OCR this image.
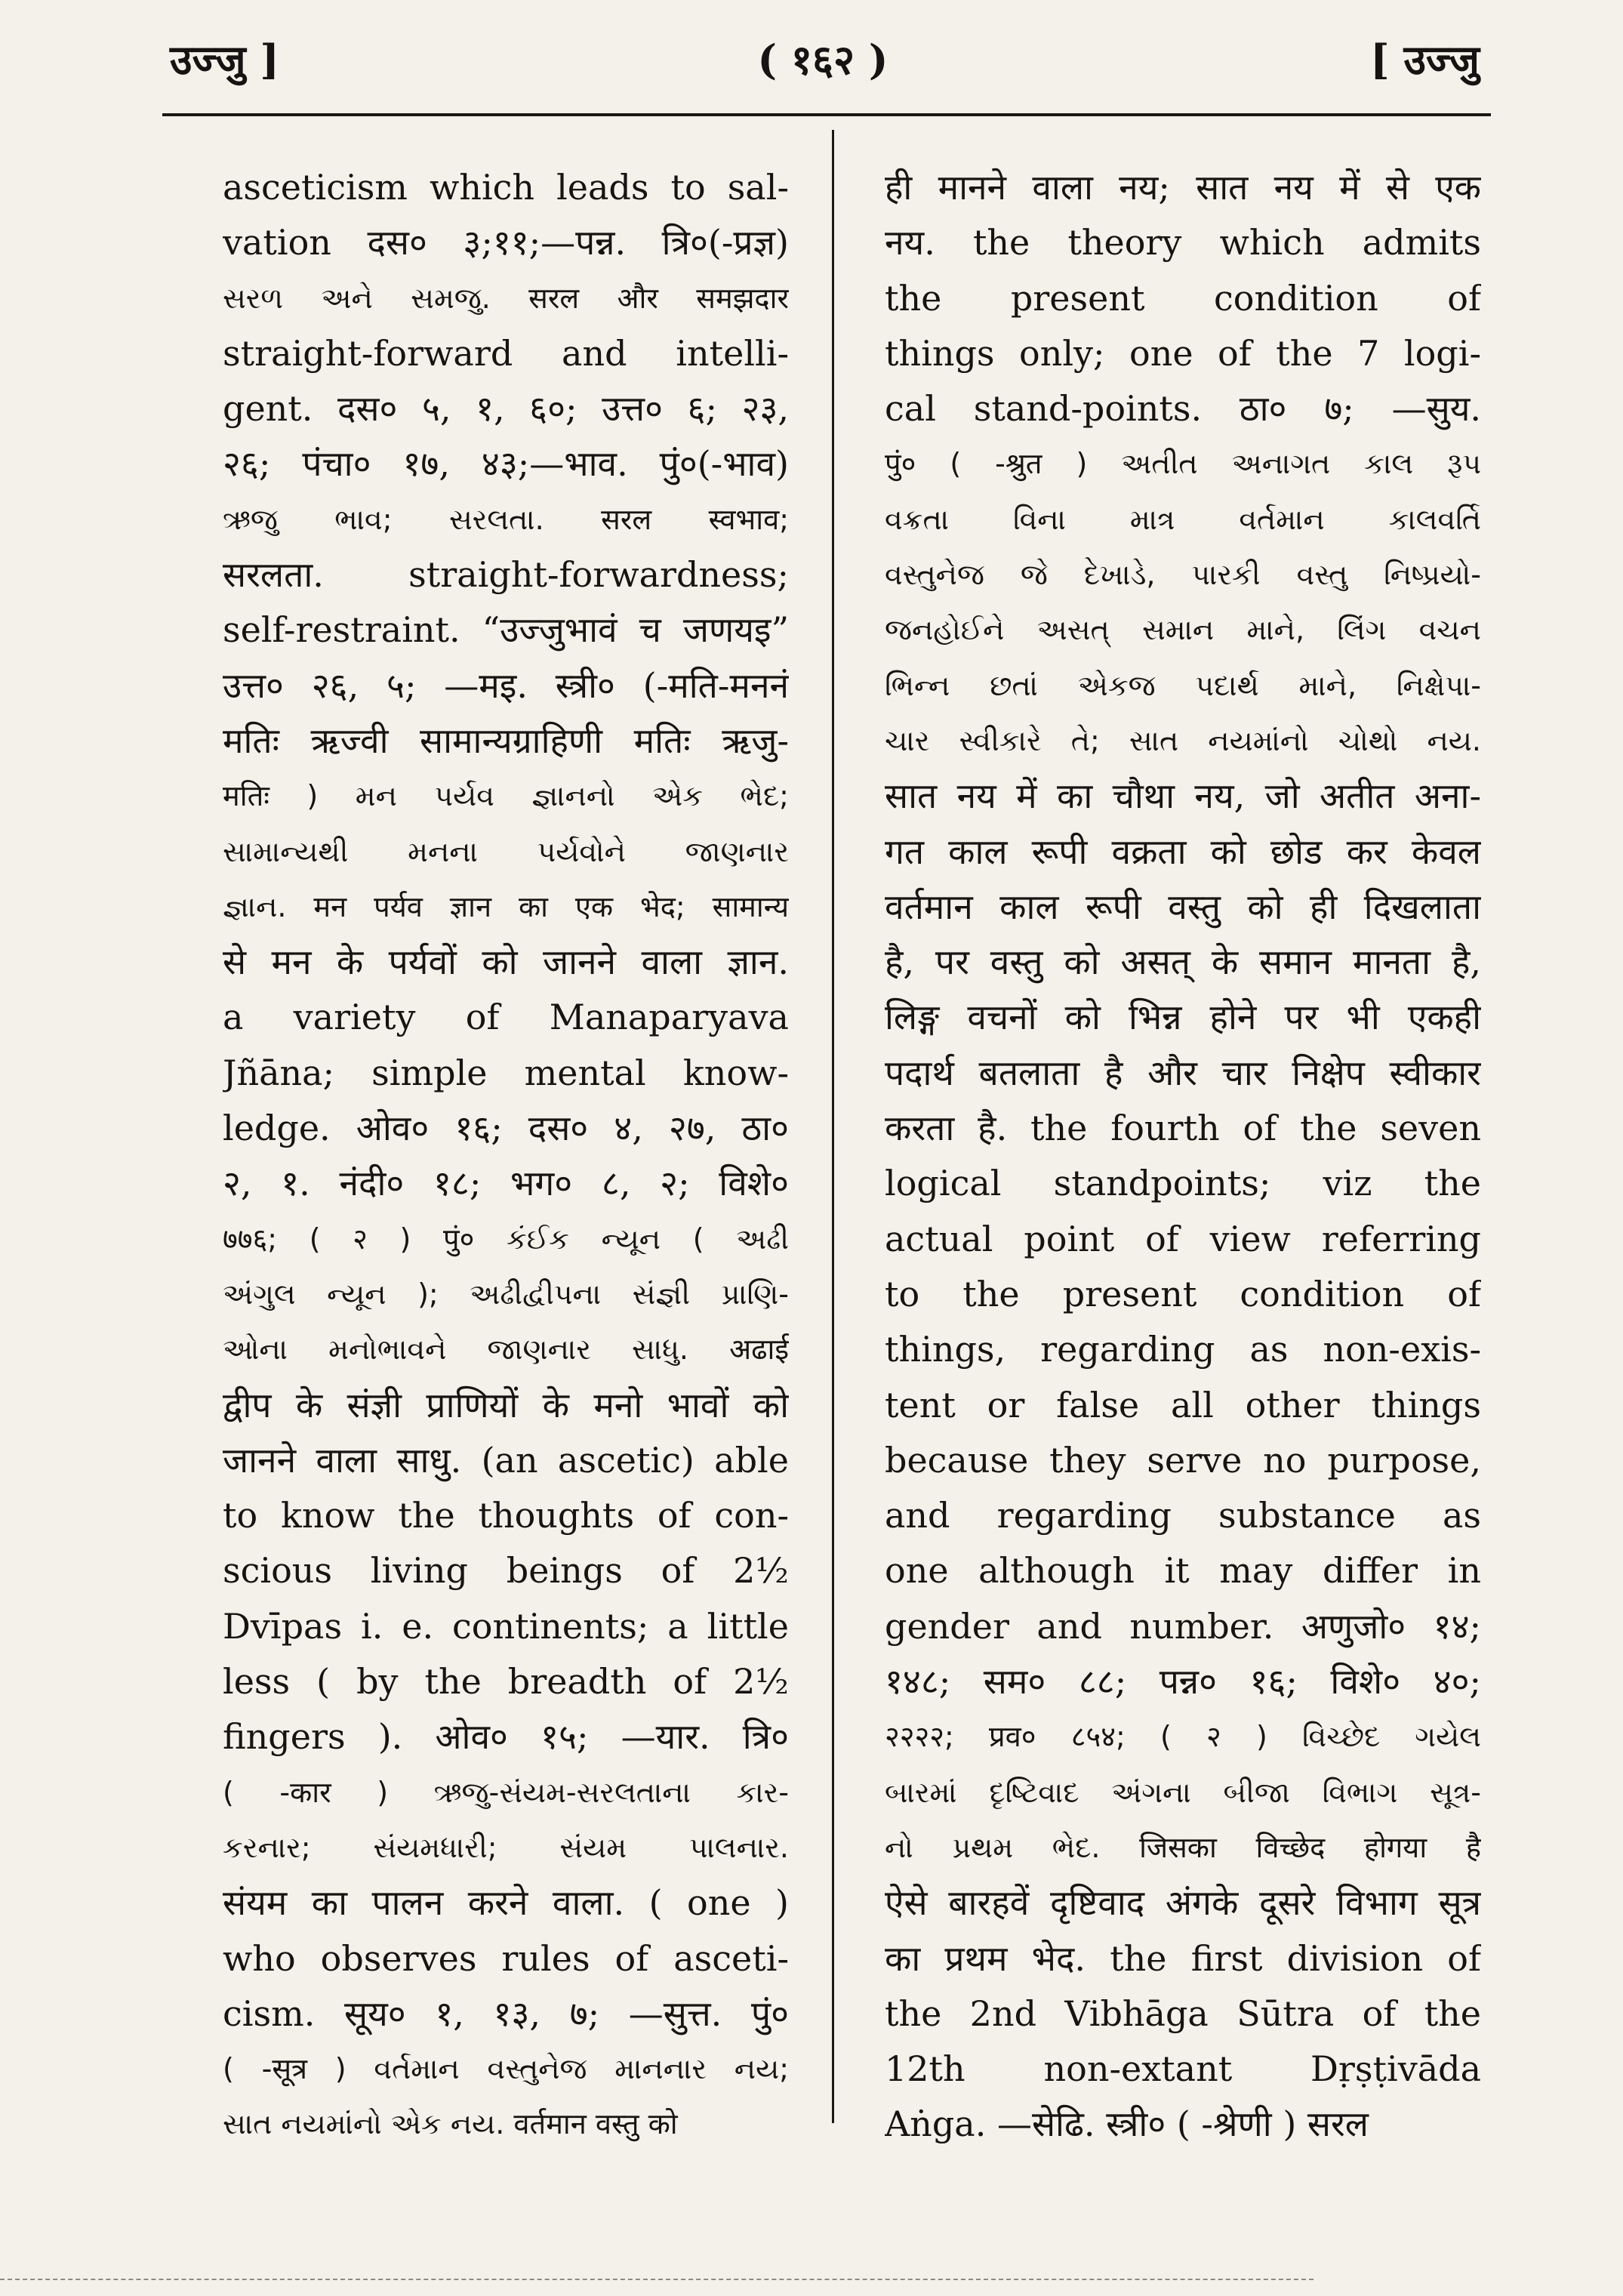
उज्जु ]	( १६२ )	[ उज्जु
asceticism which leads to sal-
vation दस० ३;११;—पन्न. त्रि०(-प्रज्ञ)
સરળ અને સમજુ. सरल और समझदार
straight-forward and intelli-
gent. दस० ५, १, ६०; उत्त० ६; २३,
२६; पंचा० १७, ४३;—भाव. पुं०(-भाव)
ઋજુ ભાવ; સરલતા. सरल स्वभाव;
सरलता. straight-forwardness;
self-restraint. “उज्जुभावं च जणयइ”
उत्त० २६, ५; —मइ. स्त्री० (-मति-मननं
मतिः ऋज्वी सामान्यग्राहिणी मतिः ऋजु-
मतिः ) મન પર્યવ જ્ઞાનનો એક ભેદ;
સામાન્યથી મનના પર્યવોને જાણનાર
જ્ઞાન. मन पर्यव ज्ञान का एक भेद; सामान्य
से मन के पर्यवों को जानने वाला ज्ञान.
a variety of Manaparyava
Jñāna; simple mental know-
ledge. ओव० १६; दस० ४, २७, ठा०
२, १. नंदी० १८; भग० ८, २; विशे०
७७६; ( २ ) पुं० કંઈક ન્યૂન ( અઢી
અંગુલ ન્યૂન ); અઢીદ્વીપના સંજ્ઞી પ્રાણિ-
ઓના મનોભાવને જાણનાર સાધુ. अढाई
द्वीप के संज्ञी प्राणियों के मनो भावों को
जानने वाला साधु. (an ascetic) able
to know the thoughts of con-
scious living beings of 2½
Dvīpas i. e. continents; a little
less ( by the breadth of 2½
fingers ). ओव० १५; —यार. त्रि०
( -कार ) ઋજુ-સંયમ-સરલતાના કાર-
કરનાર; સંયમધારી; સંયમ પાલનાર.
संयम का पालन करने वाला. ( one )
who observes rules of asceti-
cism. सूय० १, १३, ७; —सुत्त. पुं०
( -सूत्र ) વર્તમાન વસ્તુનેજ માનનાર નય;
સાત નયમાંનો એક નય. वर्तमान वस्तु को
ही मानने वाला नय; सात नय में से एक
नय. the theory which admits
the present condition of
things only; one of the 7 logi-
cal stand-points. ठा० ७; —सुय.
पुं० ( -श्रुत ) અતીત અનાગત કાલ રૂપ
વક્રતા વિના માત્ર વર્તમાન કાલવર્તિ
વસ્તુનેજ જે દેખાડે, પારકી વસ્તુ નિષ્પ્રયો-
જનહોઈને અસત્ સમાન માને, લિંગ વચન
ભિન્ન છતાં એકજ પદાર્થ માને, નિક્ષેપા-
ચાર સ્વીકારે તે; સાત નયમાંનો ચોથો નય.
सात नय में का चौथा नय, जो अतीत अना-
गत काल रूपी वक्रता को छोड कर केवल
वर्तमान काल रूपी वस्तु को ही दिखलाता
है, पर वस्तु को असत् के समान मानता है,
लिङ्ग वचनों को भिन्न होने पर भी एकही
पदार्थ बतलाता है और चार निक्षेप स्वीकार
करता है. the fourth of the seven
logical standpoints; viz the
actual point of view referring
to the present condition of
things, regarding as non-exis-
tent or false all other things
because they serve no purpose,
and regarding substance as
one although it may differ in
gender and number. अणुजो० १४;
१४८; सम० ८८; पन्न० १६; विशे० ४०;
२२२२; प्रव० ८५४; ( २ ) વિચ્છેદ ગયેલ
બારમાં દૃષ્ટિવાદ અંગના બીજા વિભાગ સૂત્ર-
નો પ્રથમ ભેદ. जिसका विच्छेद होगया है
ऐसे बारहवें दृष्टिवाद अंगके दूसरे विभाग सूत्र
का प्रथम भेद. the first division of
the 2nd Vibhāga Sūtra of the
12th non-extant Dṛṣṭivāda
Aṅga. —सेढि. स्त्री० ( -श्रेणी ) सरल
